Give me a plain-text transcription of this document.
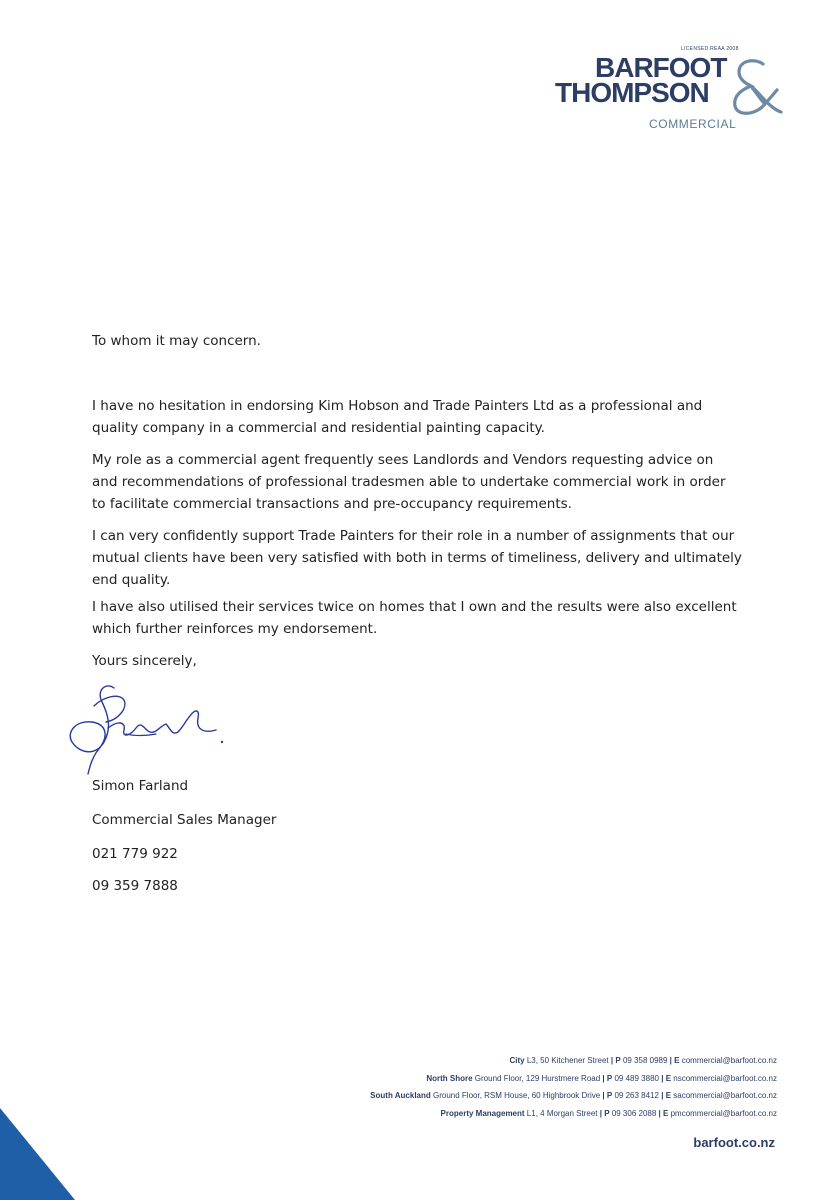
LICENSED REAA 2008
BARFOOT
THOMPSON
COMMERCIAL

To whom it may concern.

I have no hesitation in endorsing Kim Hobson and Trade Painters Ltd as a professional and quality company in a commercial and residential painting capacity.

My role as a commercial agent frequently sees Landlords and Vendors requesting advice on and recommendations of professional tradesmen able to undertake commercial work in order to facilitate commercial transactions and pre-occupancy requirements.

I can very confidently support Trade Painters for their role in a number of assignments that our mutual clients have been very satisfied with both in terms of timeliness, delivery and ultimately end quality.

I have also utilised their services twice on homes that I own and the results were also excellent which further reinforces my endorsement.

Yours sincerely,

Simon Farland
Commercial Sales Manager
021 779 922
09 359 7888
City L3, 50 Kitchener Street | P 09 358 0989 | E commercial@barfoot.co.nz
North Shore Ground Floor, 129 Hurstmere Road | P 09 489 3880 | E nscommercial@barfoot.co.nz
South Auckland Ground Floor, RSM House, 60 Highbrook Drive | P 09 263 8412 | E sacommercial@barfoot.co.nz
Property Management L1, 4 Morgan Street | P 09 306 2088 | E pmcommercial@barfoot.co.nz
barfoot.co.nz
